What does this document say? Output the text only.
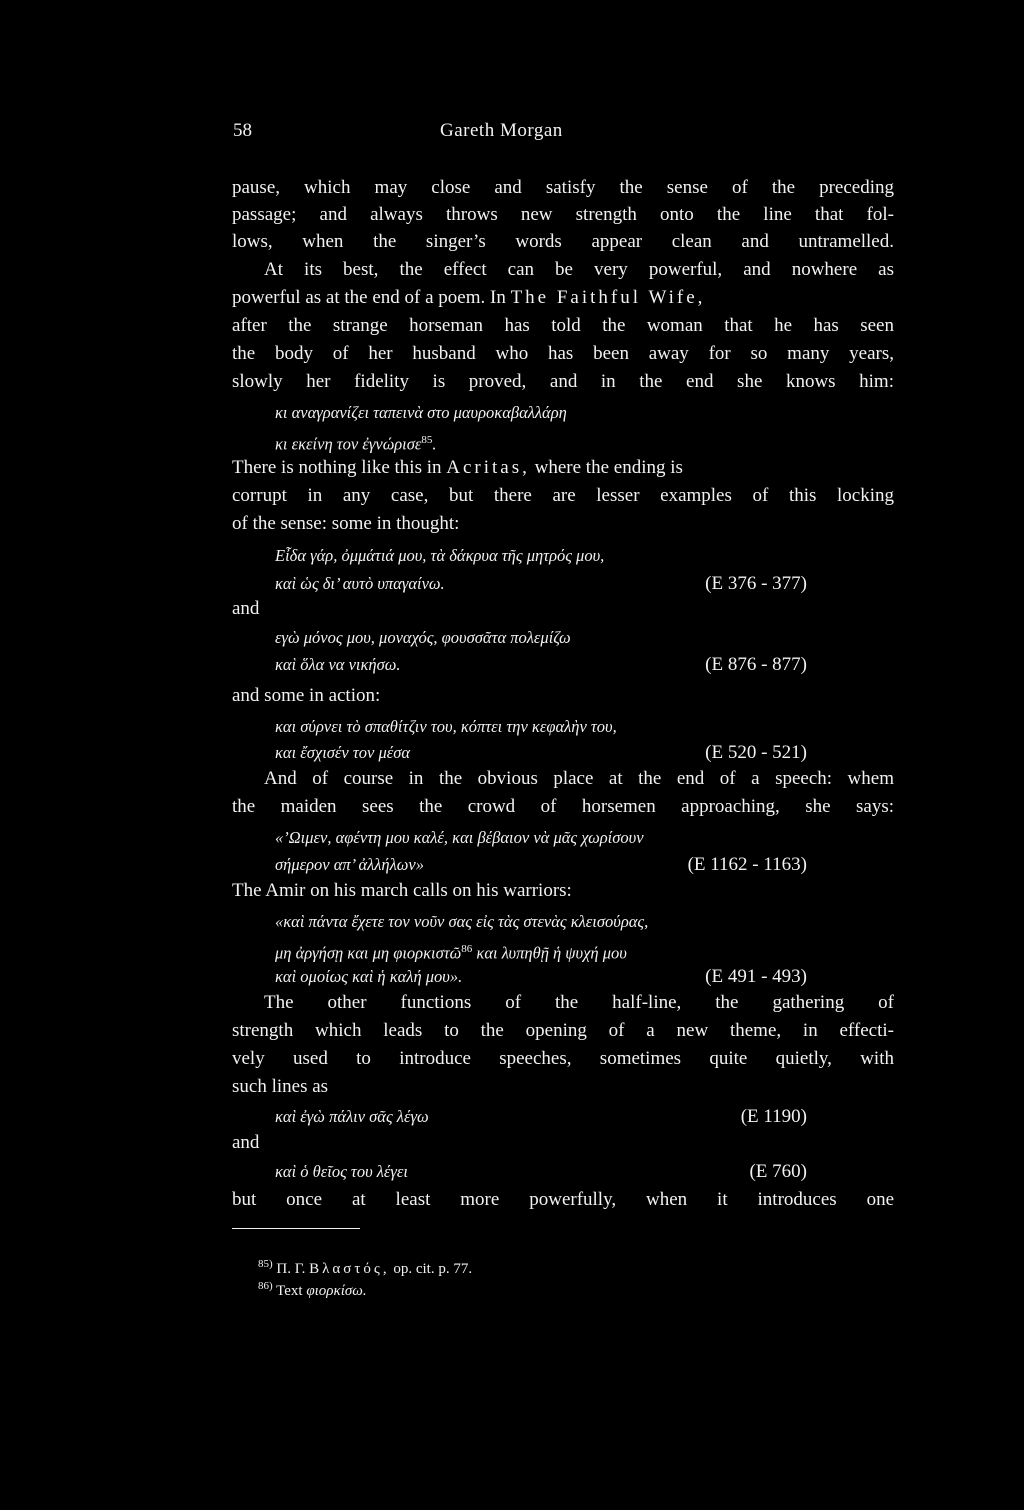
58	Gareth Morgan
pause, which may close and satisfy the sense of the preceding
passage; and always throws new strength onto the line that fol-
lows, when the singer’s words appear clean and untramelled.
At its best, the effect can be very powerful, and nowhere as
powerful as at the end of a poem. In The Faithful Wife,
after the strange horseman has told the woman that he has seen
the body of her husband who has been away for so many years,
slowly her fidelity is proved, and in the end she knows him:
κι αναγρανίζει ταπεινὰ στο μαυροκαβαλλάρη
κι εκείνη τον ἐγνώρισε$^{85}$.
There is nothing like this in Acritas, where the ending is
corrupt in any case, but there are lesser examples of this locking
of the sense: some in thought:
Εἶδα γάρ, ὀμμάτιά μου, τὰ δάκρυα τῆς μητρός μου,
καὶ ὡς δι’ αυτὸ υπαγαίνω.	(E 376 - 377)
and
εγὼ μόνος μου, μοναχός, φουσσᾶτα πολεμίζω
καὶ ὅλα να νικήσω.	(E 876 - 877)
and some in action:
και σύρνει τὸ σπαθίτζιν του, κόπτει την κεφαλὴν του,
και ἔσχισέν τον μέσα	(E 520 - 521)
And of course in the obvious place at the end of a speech: whem
the maiden sees the crowd of horsemen approaching, she says:
«’Ωιμεν, αφέντη μου καλέ, και βέβαιον νὰ μᾶς χωρίσουν
σήμερον απ’ ἀλλήλων»	(E 1162 - 1163)
The Amir on his march calls on his warriors:
«καὶ πάντα ἔχετε τον νοῦν σας εἰς τὰς στενὰς κλεισούρας,
μη ἀργήσῃ και μη φιορκιστῶ$^{86}$ και λυπηθῇ ἡ ψυχή μου
καὶ ομοίως καὶ ἡ καλή μου».	(E 491 - 493)
The other functions of the half-line, the gathering of
strength which leads to the opening of a new theme, in effecti-
vely used to introduce speeches, sometimes quite quietly, with
such lines as
καὶ ἐγὼ πάλιν σᾶς λέγω	(E 1190)
and
καὶ ὁ θεῖος του λέγει	(E 760)
but once at least more powerfully, when it introduces one
$^{85)}$ Π. Γ. Βλαστός, op. cit. p. 77.
$^{86)}$ Text φιορκίσω.
